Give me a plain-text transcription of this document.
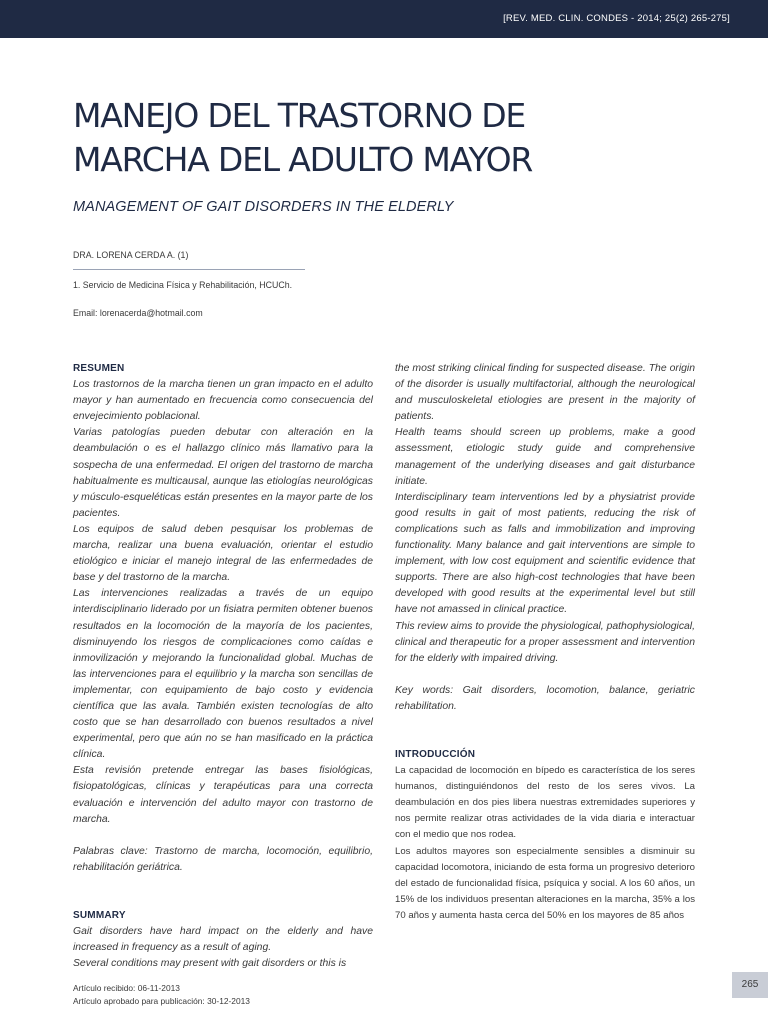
[REV. MED. CLIN. CONDES - 2014; 25(2) 265-275]
MANEJO DEL TRASTORNO DE
MARCHA DEL ADULTO MAYOR
MANAGEMENT OF GAIT DISORDERS IN THE ELDERLY
DRA. LORENA CERDA A. (1)
1. Servicio de Medicina Física y Rehabilitación, HCUCh.
Email: lorenacerda@hotmail.com

RESUMEN

Los trastornos de la marcha tienen un gran impacto en el adulto mayor y han aumentado en frecuencia como consecuencia del envejecimiento poblacional.

Varias patologías pueden debutar con alteración en la deambulación o es el hallazgo clínico más llamativo para la sospecha de una enfermedad. El origen del trastorno de marcha habitualmente es multicausal, aunque las etiologías neurológicas y músculo-esqueléticas están presentes en la mayor parte de los pacientes.

Los equipos de salud deben pesquisar los problemas de marcha, realizar una buena evaluación, orientar el estudio etiológico e iniciar el manejo integral de las enfermedades de base y del trastorno de la marcha.

Las intervenciones realizadas a través de un equipo interdisciplinario liderado por un fisiatra permiten obtener buenos resultados en la locomoción de la mayoría de los pacientes, disminuyendo los riesgos de complicaciones como caídas e inmovilización y mejorando la funcionalidad global. Muchas de las intervenciones para el equilibrio y la marcha son sencillas de implementar, con equipamiento de bajo costo y evidencia científica que las avala. También existen tecnologías de alto costo que se han desarrollado con buenos resultados a nivel experimental, pero que aún no se han masificado en la práctica clínica.

Esta revisión pretende entregar las bases fisiológicas, fisiopatológicas, clínicas y terapéuticas para una correcta evaluación e intervención del adulto mayor con trastorno de marcha.

Palabras clave: Trastorno de marcha, locomoción, equilibrio, rehabilitación geriátrica.

SUMMARY

Gait disorders have hard impact on the elderly and have increased in frequency as a result of aging.

Several conditions may present with gait disorders or this is

the most striking clinical finding for suspected disease. The origin of the disorder is usually multifactorial, although the neurological and musculoskeletal etiologies are present in the majority of patients.

Health teams should screen up problems, make a good assessment, etiologic study guide and comprehensive management of the underlying diseases and gait disturbance initiate.

Interdisciplinary team interventions led by a physiatrist provide good results in gait of most patients, reducing the risk of complications such as falls and immobilization and improving functionality. Many balance and gait interventions are simple to implement, with low cost equipment and scientific evidence that supports. There are also high-cost technologies that have been developed with good results at the experimental level but still have not amassed in clinical practice.

This review aims to provide the physiological, pathophysiological, clinical and therapeutic for a proper assessment and intervention for the elderly with impaired driving.

Key words: Gait disorders, locomotion, balance, geriatric rehabilitation.

INTRODUCCIÓN

La capacidad de locomoción en bípedo es característica de los seres humanos, distinguiéndonos del resto de los seres vivos. La deambulación en dos pies libera nuestras extremidades superiores y nos permite realizar otras actividades de la vida diaria e interactuar con el medio que nos rodea.

Los adultos mayores son especialmente sensibles a disminuir su capacidad locomotora, iniciando de esta forma un progresivo deterioro del estado de funcionalidad física, psíquica y social. A los 60 años, un 15% de los individuos presentan alteraciones en la marcha, 35% a los 70 años y aumenta hasta cerca del 50% en los mayores de 85 años

Artículo recibido: 06-11-2013
Artículo aprobado para publicación: 30-12-2013
265
